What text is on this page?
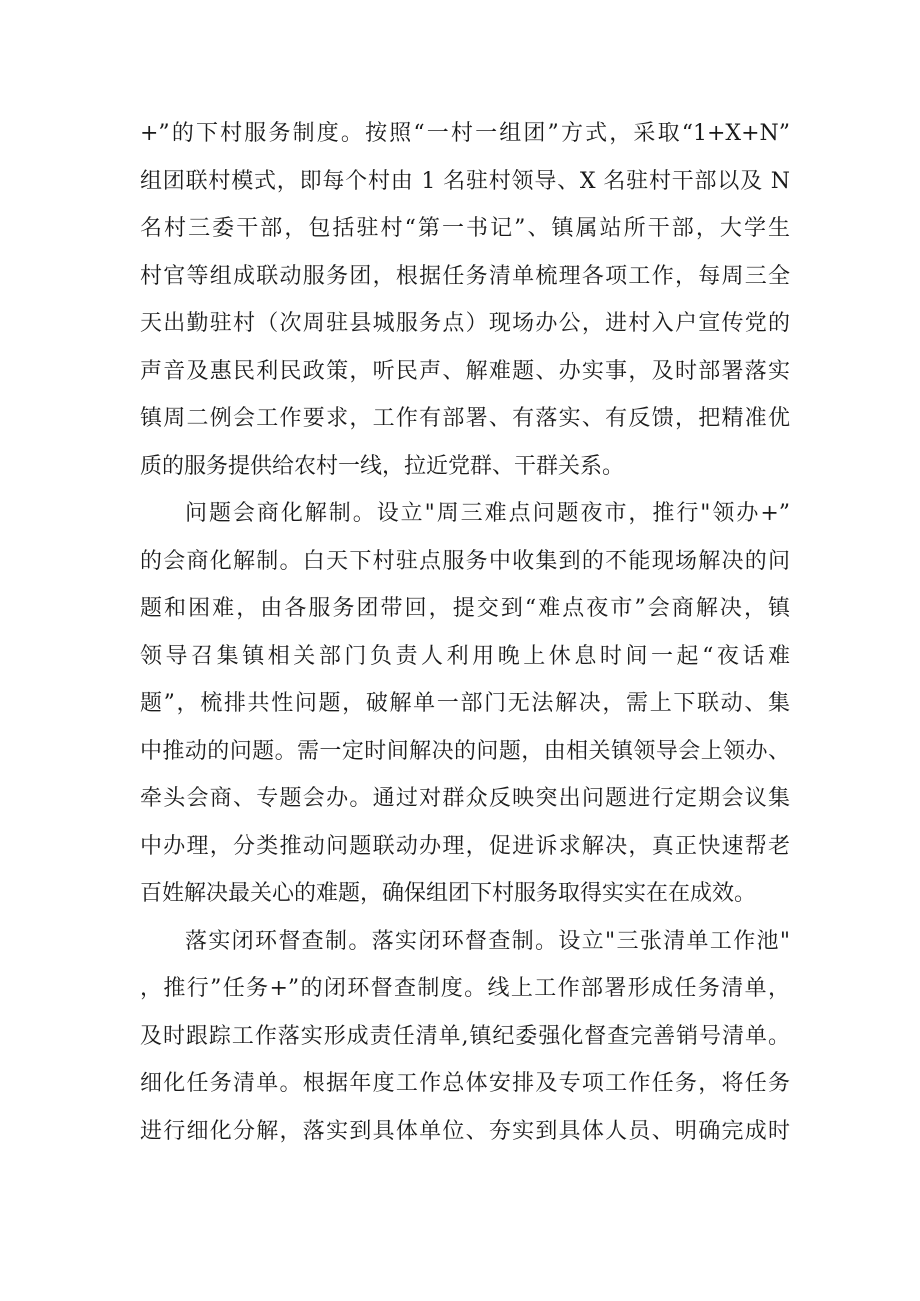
+”的下村服务制度。按照“一村一组团”方式，采取“1+X+N”
组团联村模式，即每个村由 1 名驻村领导、X 名驻村干部以及 N
名村三委干部，包括驻村“第一书记”、镇属站所干部，大学生
村官等组成联动服务团，根据任务清单梳理各项工作，每周三全
天出勤驻村（次周驻县城服务点）现场办公，进村入户宣传党的
声音及惠民利民政策，听民声、解难题、办实事，及时部署落实
镇周二例会工作要求，工作有部署、有落实、有反馈，把精准优
质的服务提供给农村一线，拉近党群、干群关系。
问题会商化解制。设立"周三难点问题夜市，推行"领办+”
的会商化解制。白天下村驻点服务中收集到的不能现场解决的问
题和困难，由各服务团带回，提交到“难点夜市”会商解决，镇
领导召集镇相关部门负责人利用晚上休息时间一起“夜话难
题”，梳排共性问题，破解单一部门无法解决，需上下联动、集
中推动的问题。需一定时间解决的问题，由相关镇领导会上领办、
牵头会商、专题会办。通过对群众反映突出问题进行定期会议集
中办理，分类推动问题联动办理，促进诉求解决，真正快速帮老
百姓解决最关心的难题，确保组团下村服务取得实实在在成效。
落实闭环督查制。落实闭环督查制。设立"三张清单工作池"
，推行”任务+”的闭环督查制度。线上工作部署形成任务清单，
及时跟踪工作落实形成责任清单,镇纪委强化督查完善销号清单。
细化任务清单。根据年度工作总体安排及专项工作任务，将任务
进行细化分解，落实到具体单位、夯实到具体人员、明确完成时
